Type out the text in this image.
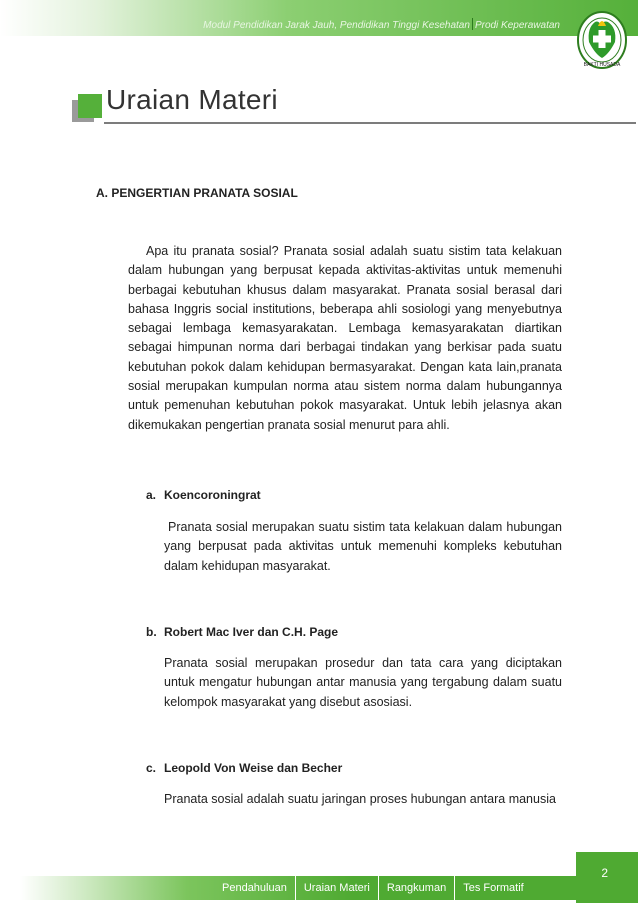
Modul Pendidikan Jarak Jauh, Pendidikan Tinggi Kesehatan Prodi Keperawatan
BAKTI HUSADA
Uraian Materi
A. PENGERTIAN PRANATA SOSIAL

Apa itu pranata sosial? Pranata sosial adalah suatu sistim tata kelakuan dalam hubungan yang berpusat kepada aktivitas-aktivitas untuk memenuhi berbagai kebutuhan khusus dalam masyarakat. Pranata sosial berasal dari bahasa Inggris social institutions, beberapa ahli sosiologi yang menyebutnya sebagai lembaga kemasyarakatan. Lembaga kemasyarakatan diartikan sebagai himpunan norma dari berbagai tindakan yang berkisar pada suatu kebutuhan pokok dalam kehidupan bermasyarakat. Dengan kata lain,pranata sosial merupakan kumpulan norma atau sistem norma dalam hubungannya untuk pemenuhan kebutuhan pokok masyarakat. Untuk lebih jelasnya akan dikemukakan pengertian pranata sosial menurut para ahli.

a. Koencoroningrat

Pranata sosial merupakan suatu sistim tata kelakuan dalam hubungan yang berpusat pada aktivitas untuk memenuhi kompleks kebutuhan dalam kehidupan masyarakat.

b. Robert Mac Iver dan C.H. Page

Pranata sosial merupakan prosedur dan tata cara yang diciptakan untuk mengatur hubungan antar manusia yang tergabung dalam suatu kelompok masyarakat yang disebut asosiasi.

c. Leopold Von Weise dan Becher

Pranata sosial adalah suatu jaringan proses hubungan antara manusia

Pendahuluan	Uraian Materi	Rangkuman	Tes Formatif
2
